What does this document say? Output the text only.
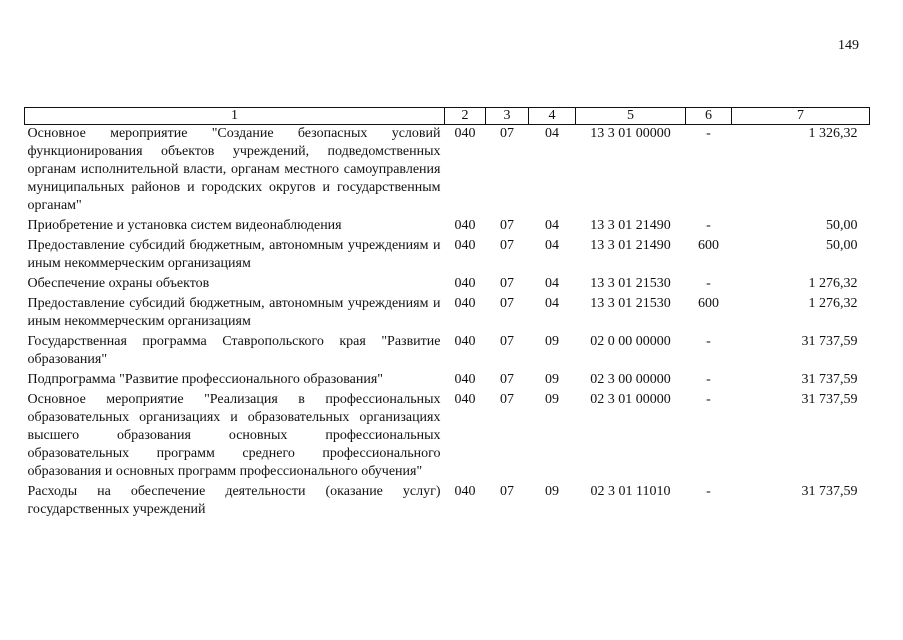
149
1	2	3	4	5	6	7
Основное мероприятие "Создание безопасных условий функционирования объектов учреждений, подведомственных органам исполнительной власти, органам местного самоуправления муниципальных районов и городских округов и государственным органам"	040	07	04	13 3 01 00000	-	1 326,32
Приобретение и установка систем видеонаблюдения	040	07	04	13 3 01 21490	-	50,00
Предоставление субсидий бюджетным, автономным учреждениям и иным некоммерческим организациям	040	07	04	13 3 01 21490	600	50,00
Обеспечение охраны объектов	040	07	04	13 3 01 21530	-	1 276,32
Предоставление субсидий бюджетным, автономным учреждениям и иным некоммерческим организациям	040	07	04	13 3 01 21530	600	1 276,32
Государственная программа Ставропольского края "Развитие образования"	040	07	09	02 0 00 00000	-	31 737,59
Подпрограмма "Развитие профессионального образования"	040	07	09	02 3 00 00000	-	31 737,59
Основное мероприятие "Реализация в профессиональных образовательных организациях и образовательных организациях высшего образования основных профессиональных образовательных программ среднего профессионального образования и основных программ профессионального обучения"	040	07	09	02 3 01 00000	-	31 737,59
Расходы на обеспечение деятельности (оказание услуг) государственных учреждений	040	07	09	02 3 01 11010	-	31 737,59
